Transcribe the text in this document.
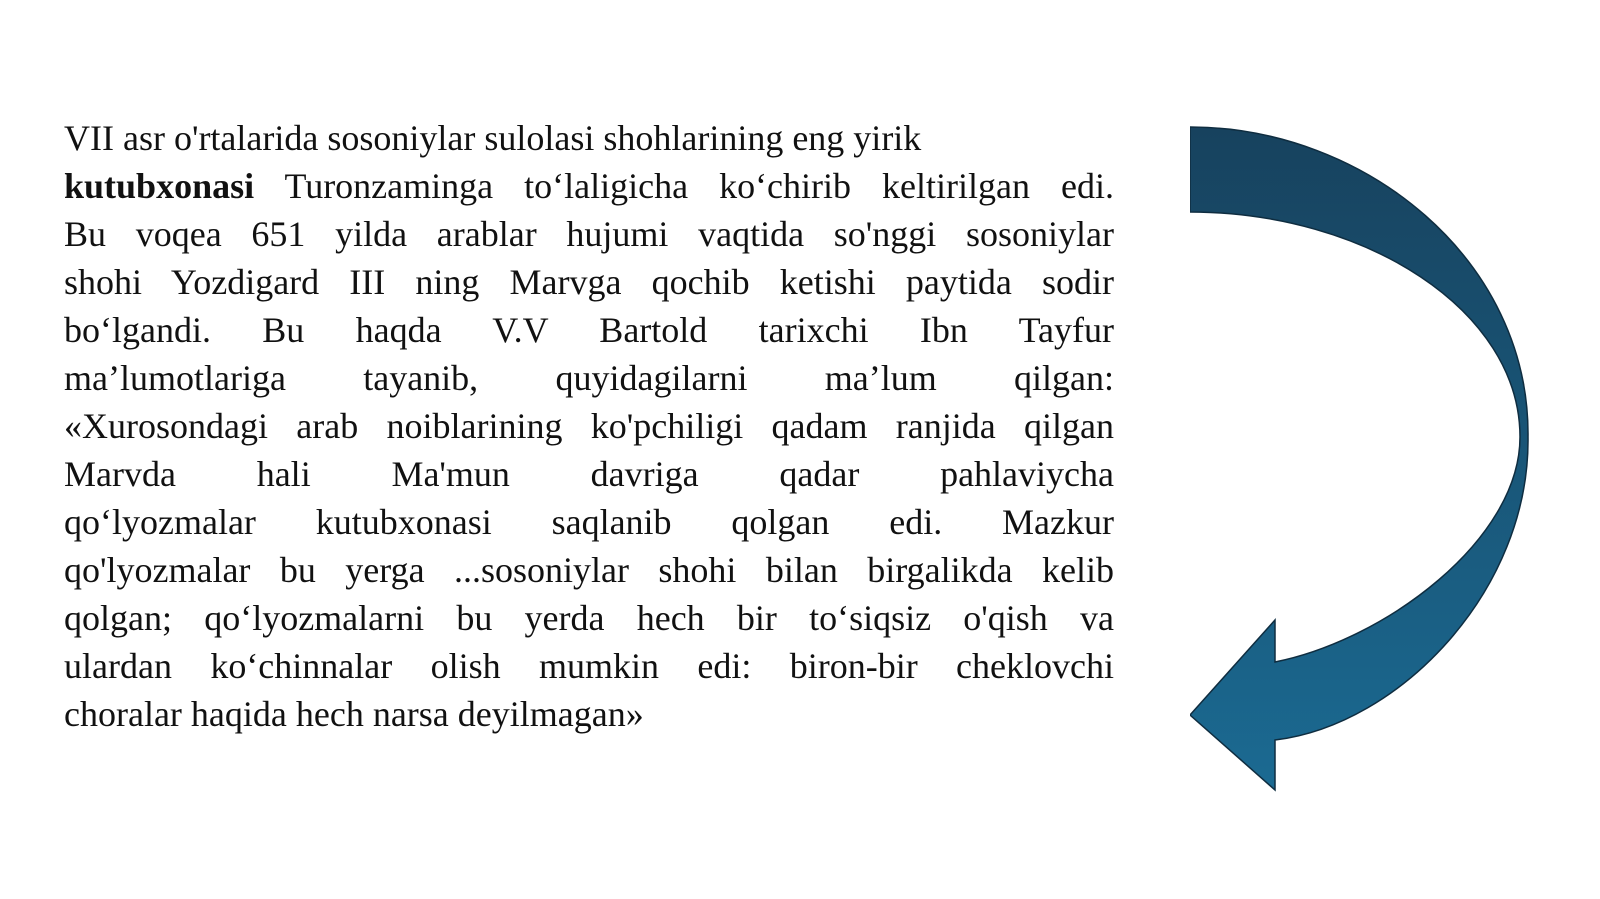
VII asr o'rtalarida sosoniylar sulolasi shohlarining eng yirik
kutubxonasi Turonzaminga to‘laligicha ko‘chirib keltirilgan edi.
Bu voqea 651 yilda arablar hujumi vaqtida so'nggi sosoniylar
shohi Yozdigard III ning Marvga qochib ketishi paytida sodir
bo‘lgandi. Bu haqda V.V Bartold tarixchi Ibn Tayfur
ma’lumotlariga tayanib, quyidagilarni ma’lum qilgan:
«Xurosondagi arab noiblarining ko'pchiligi qadam ranjida qilgan
Marvda hali Ma'mun davriga qadar pahlaviycha
qo‘lyozmalar kutubxonasi saqlanib qolgan edi. Mazkur
qo'lyozmalar bu yerga ...sosoniylar shohi bilan birgalikda kelib
qolgan; qo‘lyozmalarni bu yerda hech bir to‘siqsiz o'qish va
ulardan ko‘chinnalar olish mumkin edi: biron-bir cheklovchi
choralar haqida hech narsa deyilmagan»
